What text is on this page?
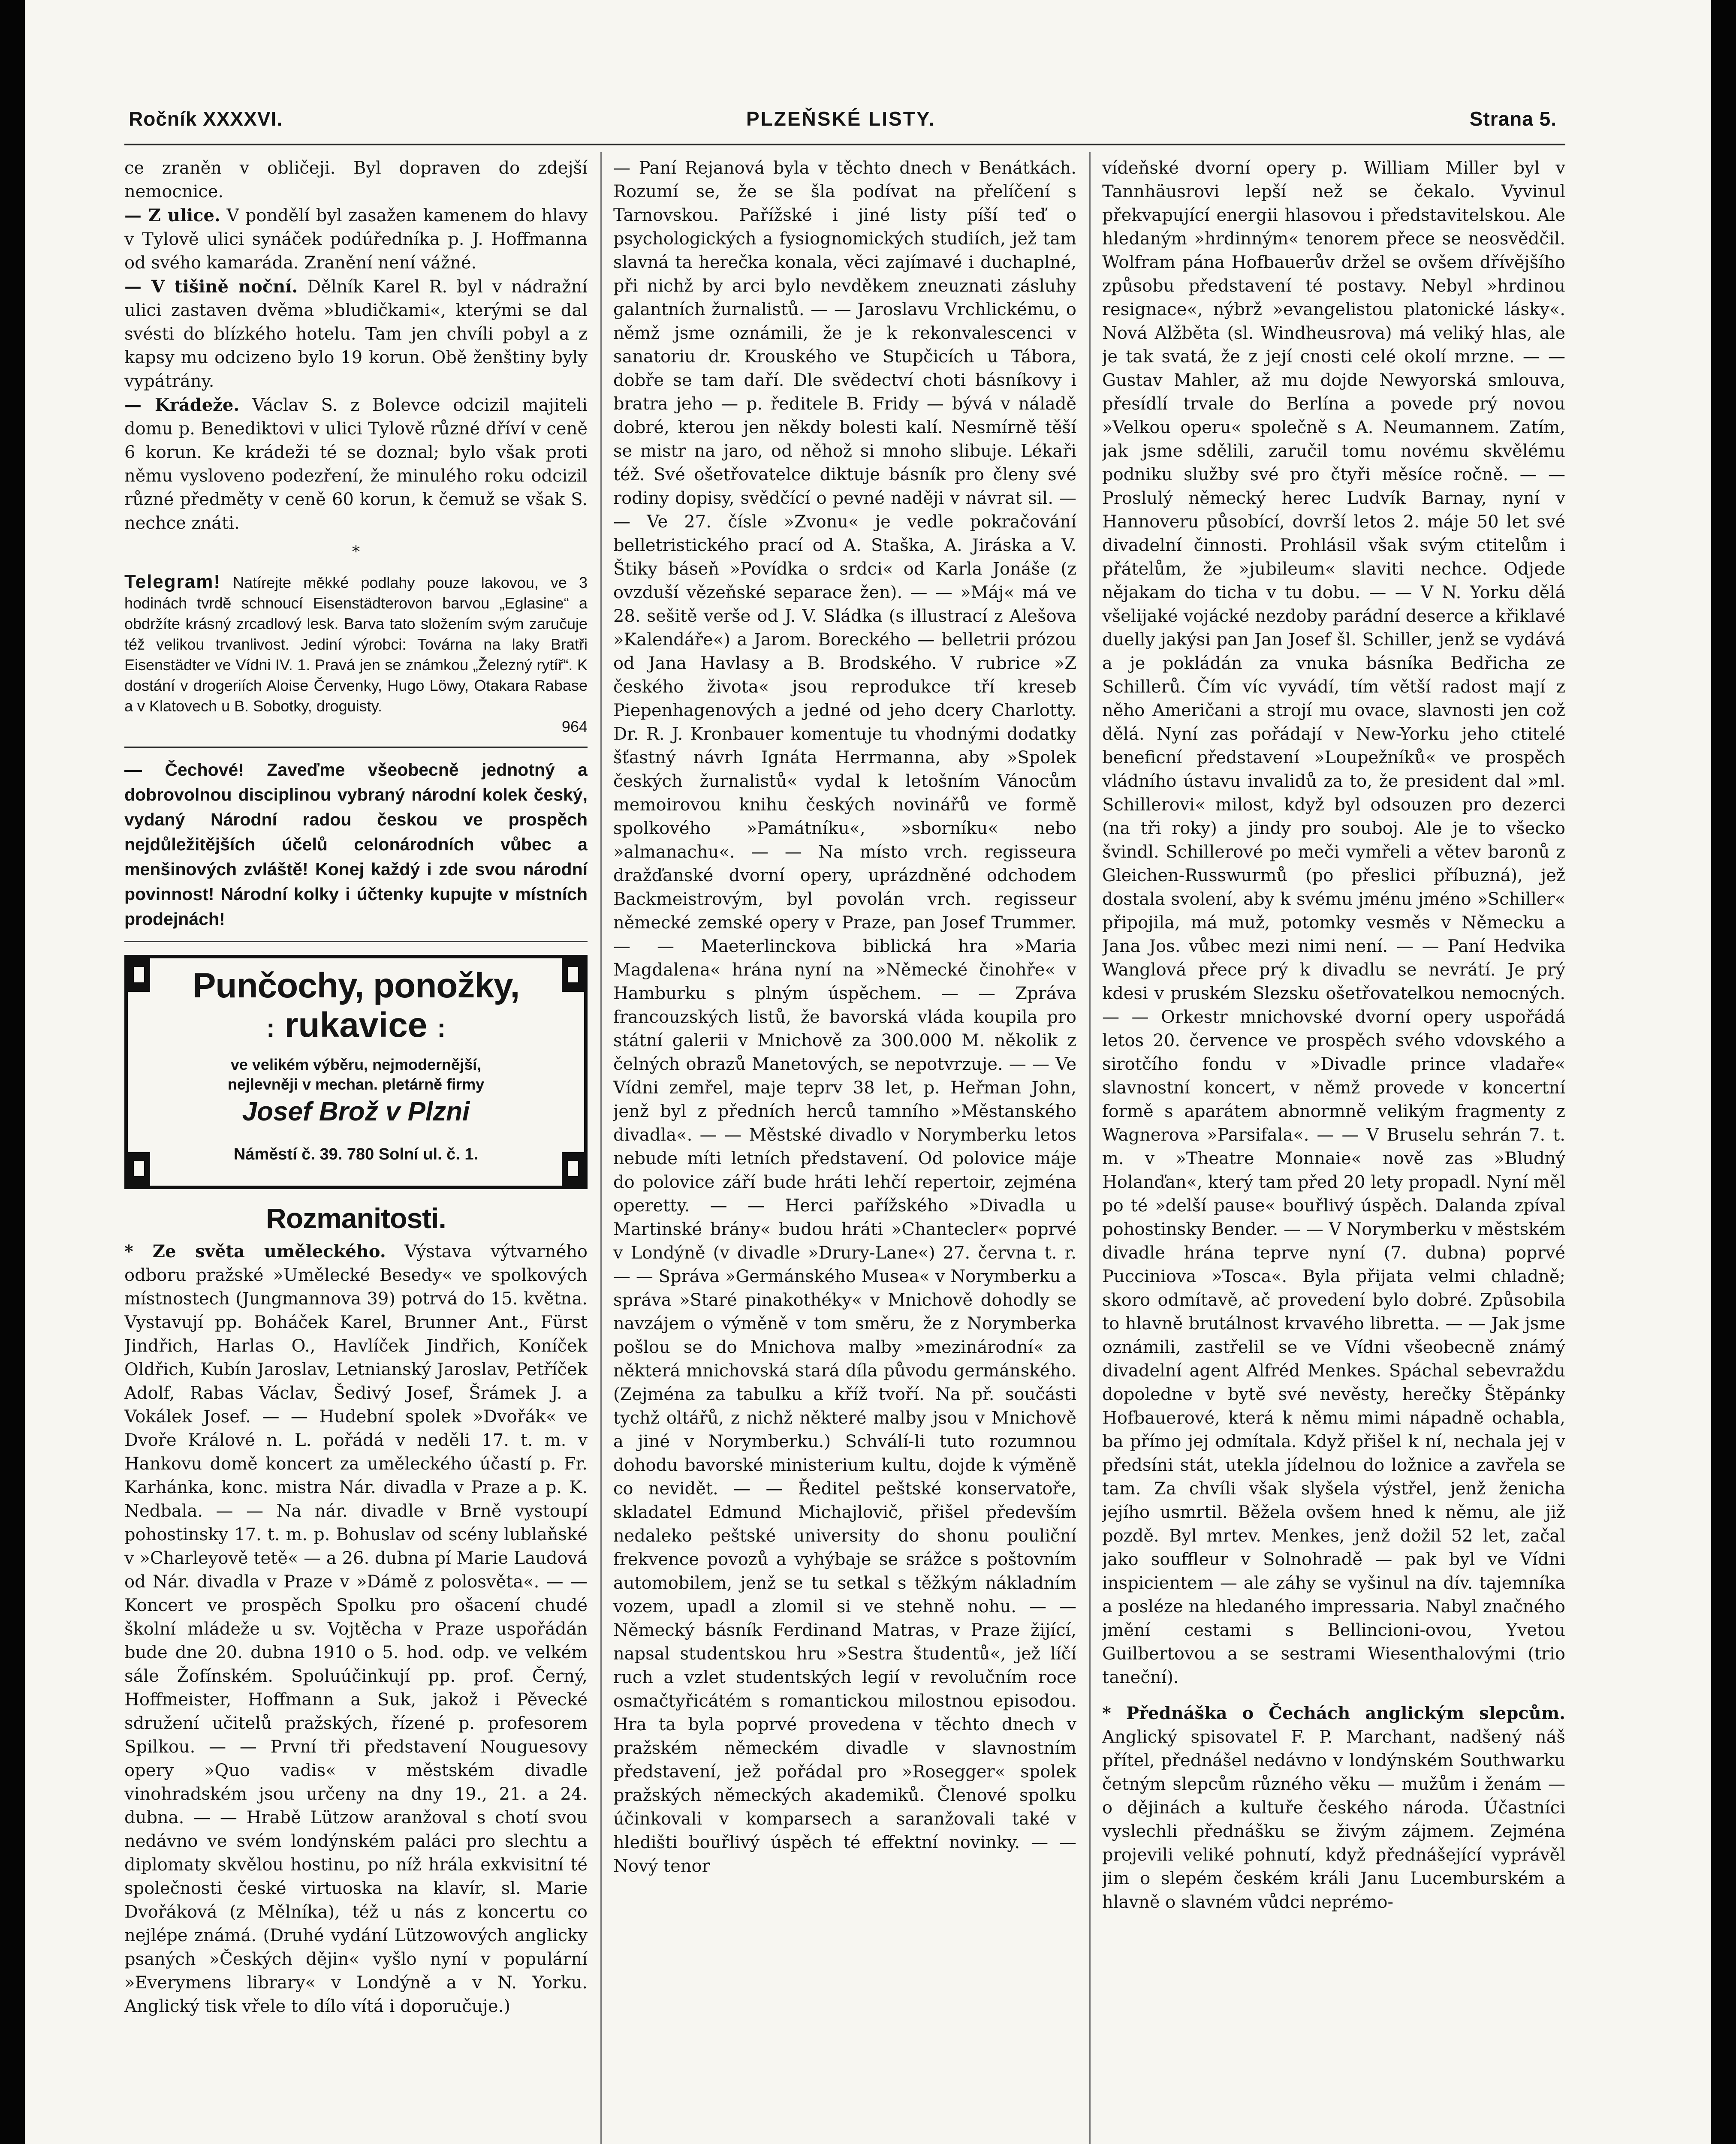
Ročník XXXXVI.	PLZEŇSKÉ LISTY.	Strana 5.

ce zraněn v obličeji. Byl dopraven do zdejší nemocnice.

— Z ulice. V pondělí byl zasažen kamenem do hlavy v Tylově ulici synáček podúředníka p. J. Hoffmanna od svého kamaráda. Zranění není vážné.

— V tišině noční. Dělník Karel R. byl v nádražní ulici zastaven dvěma »bludičkami«, kterými se dal svésti do blízkého hotelu. Tam jen chvíli pobyl a z kapsy mu odcizeno bylo 19 korun. Obě ženštiny byly vypátrány.

— Krádeže. Václav S. z Bolevce odcizil majiteli domu p. Benediktovi v ulici Tylově různé dříví v ceně 6 korun. Ke krádeži té se doznal; bylo však proti němu vysloveno podezření, že minulého roku odcizil různé předměty v ceně 60 korun, k čemuž se však S. nechce znáti.

*
Telegram! Natírejte měkké podlahy pouze lakovou, ve 3 hodinách tvrdě schnoucí Eisenstädterovon barvou „Eglasine“ a obdržíte krásný zrcadlový lesk. Barva tato složením svým zaručuje též velikou trvanlivost. Jediní výrobci: Továrna na laky Bratři Eisenstädter ve Vídni IV. 1. Pravá jen se známkou „Železný rytíř“. K dostání v drogeriích Aloise Červenky, Hugo Löwy, Otakara Rabase a v Klatovech u B. Sobotky, droguisty.
964
— Čechové! Zaveďme všeobecně jednotný a dobrovolnou disciplinou vybraný národní kolek český, vydaný Národní radou českou ve prospěch nejdůležitějších účelů celonárodních vůbec a menšinových zvláště! Konej každý i zde svou národní povinnost! Národní kolky i účtenky kupujte v místních prodejnách!
Punčochy, ponožky,
: rukavice :
ve velikém výběru, nejmodernější,
nejlevněji v mechan. pletárně firmy
Josef Brož v Plzni
Náměstí č. 39. 780 Solní ul. č. 1.
Rozmanitosti.

* Ze světa uměleckého. Výstava výtvarného odboru pražské »Umělecké Besedy« ve spolkových místnostech (Jungmannova 39) potrvá do 15. května. Vystavují pp. Boháček Karel, Brunner Ant., Fürst Jindřich, Harlas O., Havlíček Jindřich, Koníček Oldřich, Kubín Jaroslav, Letnianský Jaroslav, Petříček Adolf, Rabas Václav, Šedivý Josef, Šrámek J. a Vokálek Josef. — — Hudební spolek »Dvořák« ve Dvoře Králové n. L. pořádá v neděli 17. t. m. v Hankovu domě koncert za uměleckého účastí p. Fr. Karhánka, konc. mistra Nár. divadla v Praze a p. K. Nedbala. — — Na nár. divadle v Brně vystoupí pohostinsky 17. t. m. p. Bohuslav od scény lublaňské v »Charleyově tetě« — a 26. dubna pí Marie Laudová od Nár. divadla v Praze v »Dámě z polosvěta«. — — Koncert ve prospěch Spolku pro ošacení chudé školní mládeže u sv. Vojtěcha v Praze uspořádán bude dne 20. dubna 1910 o 5. hod. odp. ve velkém sále Žofínském. Spoluúčinkují pp. prof. Černý, Hoffmeister, Hoffmann a Suk, jakož i Pěvecké sdružení učitelů pražských, řízené p. profesorem Spilkou. — — První tři představení Nouguesovy opery »Quo vadis« v městském divadle vinohradském jsou určeny na dny 19., 21. a 24. dubna. — — Hrabě Lützow aranžoval s chotí svou nedávno ve svém londýnském paláci pro slechtu a diplomaty skvělou hostinu, po níž hrála exkvisitní té společnosti české virtuoska na klavír, sl. Marie Dvořáková (z Mělníka), též u nás z koncertu co nejlépe známá. (Druhé vydání Lützowových anglicky psaných »Českých dějin« vyšlo nyní v populární »Everymens library« v Londýně a v N. Yorku. Anglický tisk vřele to dílo vítá i doporučuje.)

— Paní Rejanová byla v těchto dnech v Benátkách. Rozumí se, že se šla podívat na přelíčení s Tarnovskou. Pařížské i jiné listy píší teď o psychologických a fysiognomických studiích, jež tam slavná ta herečka konala, věci zajímavé i duchaplné, při nichž by arci bylo nevděkem zneuznati zásluhy galantních žurnalistů. — — Jaroslavu Vrchlickému, o němž jsme oznámili, že je k rekonvalescenci v sanatoriu dr. Krouského ve Stupčicích u Tábora, dobře se tam daří. Dle svědectví choti básníkovy i bratra jeho — p. ředitele B. Fridy — bývá v náladě dobré, kterou jen někdy bolesti kalí. Nesmírně těší se mistr na jaro, od něhož si mnoho slibuje. Lékaři též. Své ošetřovatelce diktuje básník pro členy své rodiny dopisy, svědčící o pevné naději v návrat sil. — — Ve 27. čísle »Zvonu« je vedle pokračování belletristického prací od A. Staška, A. Jiráska a V. Štiky báseň »Povídka o srdci« od Karla Jonáše (z ovzduší vězeňské separace žen). — — »Máj« má ve 28. sešitě verše od J. V. Sládka (s illustrací z Alešova »Kalendáře«) a Jarom. Boreckého — belletrii prózou od Jana Havlasy a B. Brodského. V rubrice »Z českého života« jsou reprodukce tří kreseb Piepenhagenových a jedné od jeho dcery Charlotty. Dr. R. J. Kronbauer komentuje tu vhodnými dodatky šťastný návrh Ignáta Herrmanna, aby »Spolek českých žurnalistů« vydal k letošním Vánocům memoirovou knihu českých novinářů ve formě spolkového »Památníku«, »sborníku« nebo »almanachu«. — — Na místo vrch. regisseura dražďanské dvorní opery, uprázdněné odchodem Backmeistrovým, byl povolán vrch. regisseur německé zemské opery v Praze, pan Josef Trummer. — — Maeterlinckova biblická hra »Maria Magdalena« hrána nyní na »Německé činohře« v Hamburku s plným úspěchem. — — Zpráva francouzských listů, že bavorská vláda koupila pro státní galerii v Mnichově za 300.000 M. několik z čelných obrazů Manetových, se nepotvrzuje. — — Ve Vídni zemřel, maje teprv 38 let, p. Heřman John, jenž byl z předních herců tamního »Městanského divadla«. — — Městské divadlo v Norymberku letos nebude míti letních představení. Od polovice máje do polovice září bude hráti lehčí repertoir, zejména operetty. — — Herci pařížského »Divadla u Martinské brány« budou hráti »Chantecler« poprvé v Londýně (v divadle »Drury-Lane«) 27. června t. r. — — Správa »Germánského Musea« v Norymberku a správa »Staré pinakothéky« v Mnichově dohodly se navzájem o výměně v tom směru, že z Norymberka pošlou se do Mnichova malby »mezinárodní« za některá mnichovská stará díla původu germánského. (Zejména za tabulku a kříž tvoří. Na př. součásti tychž oltářů, z nichž některé malby jsou v Mnichově a jiné v Norymberku.) Schválí-li tuto rozumnou dohodu bavorské ministerium kultu, dojde k výměně co nevidět. — — Ředitel peštské konservatoře, skladatel Edmund Michajlovič, přišel především nedaleko peštské university do shonu pouliční frekvence povozů a vyhýbaje se srážce s poštovním automobilem, jenž se tu setkal s těžkým nákladním vozem, upadl a zlomil si ve stehně nohu. — — Německý básník Ferdinand Matras, v Praze žijící, napsal studentskou hru »Sestra študentů«, jež líčí ruch a vzlet studentských legií v revolučním roce osmačtyřicátém s romantickou milostnou episodou. Hra ta byla poprvé provedena v těchto dnech v pražském německém divadle v slavnostním představení, jež pořádal pro »Rosegger« spolek pražských německých akademiků. Členové spolku účinkovali v komparsech a saranžovali také v hledišti bouřlivý úspěch té effektní novinky. — — Nový tenor

vídeňské dvorní opery p. William Miller byl v Tannhäusrovi lepší než se čekalo. Vyvinul překvapující energii hlasovou i představitelskou. Ale hledaným »hrdinným« tenorem přece se neosvědčil. Wolfram pána Hofbauerův držel se ovšem dřívějšího způsobu představení té postavy. Nebyl »hrdinou resignace«, nýbrž »evangelistou platonické lásky«. Nová Alžběta (sl. Windheusrova) má veliký hlas, ale je tak svatá, že z její cnosti celé okolí mrzne. — — Gustav Mahler, až mu dojde Newyorská smlouva, přesídlí trvale do Berlína a povede prý novou »Velkou operu« společně s A. Neumannem. Zatím, jak jsme sdělili, zaručil tomu novému skvělému podniku služby své pro čtyři měsíce ročně. — — Proslulý německý herec Ludvík Barnay, nyní v Hannoveru působící, dovrší letos 2. máje 50 let své divadelní činnosti. Prohlásil však svým ctitelům i přátelům, že »jubileum« slaviti nechce. Odjede nějakam do ticha v tu dobu. — — V N. Yorku dělá všelijaké vojácké nezdoby parádní deserce a křiklavé duelly jakýsi pan Jan Josef šl. Schiller, jenž se vydává a je pokládán za vnuka básníka Bedřicha ze Schillerů. Čím víc vyvádí, tím větší radost mají z něho Američani a strojí mu ovace, slavnosti jen což dělá. Nyní zas pořádají v New-Yorku jeho ctitelé beneficní představení »Loupežníků« ve prospěch vládního ústavu invalidů za to, že president dal »ml. Schillerovi« milost, když byl odsouzen pro dezerci (na tři roky) a jindy pro souboj. Ale je to všecko švindl. Schillerové po meči vymřeli a větev baronů z Gleichen-Russwurmů (po přeslici příbuzná), jež dostala svolení, aby k svému jménu jméno »Schiller« připojila, má muž, potomky vesměs v Německu a Jana Jos. vůbec mezi nimi není. — — Paní Hedvika Wanglová přece prý k divadlu se nevrátí. Je prý kdesi v pruském Slezsku ošetřovatelkou nemocných. — — Orkestr mnichovské dvorní opery uspořádá letos 20. července ve prospěch svého vdovského a sirotčího fondu v »Divadle prince vladaře« slavnostní koncert, v němž provede v koncertní formě s aparátem abnormně velikým fragmenty z Wagnerova »Parsifala«. — — V Bruselu sehrán 7. t. m. v »Theatre Monnaie« nově zas »Bludný Holanďan«, který tam před 20 lety propadl. Nyní měl po té »delší pause« bouřlivý úspěch. Dalanda zpíval pohostinsky Bender. — — V Norymberku v městském divadle hrána teprve nyní (7. dubna) poprvé Pucciniova »Tosca«. Byla přijata velmi chladně; skoro odmítavě, ač provedení bylo dobré. Způsobila to hlavně brutálnost krvavého libretta. — — Jak jsme oznámili, zastřelil se ve Vídni všeobecně známý divadelní agent Alfréd Menkes. Spáchal sebevraždu dopoledne v bytě své nevěsty, herečky Štěpánky Hofbauerové, která k němu mimi nápadně ochabla, ba přímo jej odmítala. Když přišel k ní, nechala jej v předsíni stát, utekla jídelnou do ložnice a zavřela se tam. Za chvíli však slyšela výstřel, jenž ženicha jejího usmrtil. Běžela ovšem hned k němu, ale již pozdě. Byl mrtev. Menkes, jenž dožil 52 let, začal jako souffleur v Solnohradě — pak byl ve Vídni inspicientem — ale záhy se vyšinul na dív. tajemníka a posléze na hledaného impressaria. Nabyl značného jmění cestami s Bellincioni-ovou, Yvetou Guilbertovou a se sestrami Wiesenthalovými (trio taneční).

* Přednáška o Čechách anglickým slepcům. Anglický spisovatel F. P. Marchant, nadšený náš přítel, přednášel nedávno v londýnském Southwarku četným slepcům různého věku — mužům i ženám — o dějinách a kultuře českého národa. Účastníci vyslechli přednášku se živým zájmem. Zejména projevili veliké pohnutí, když přednášející vyprávěl jim o slepém českém králi Janu Lucemburském a hlavně o slavném vůdci neprémo-
